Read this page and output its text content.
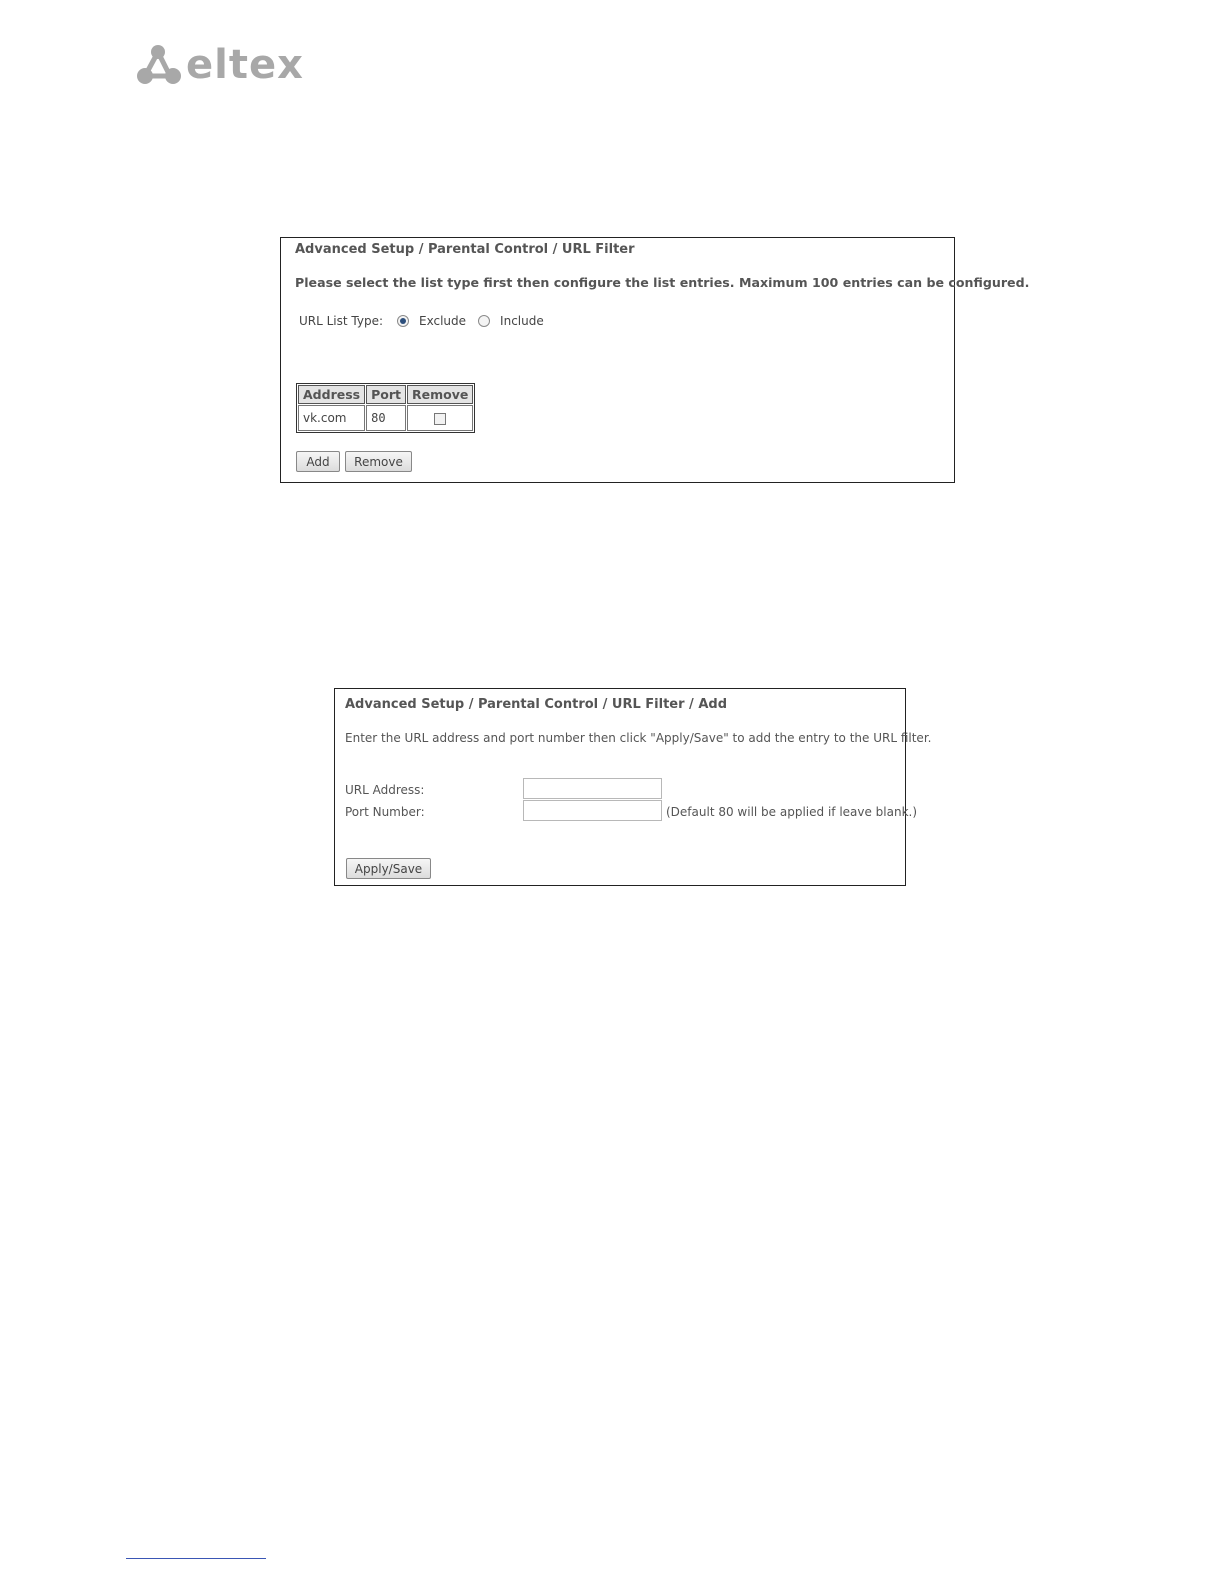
eltex
Advanced Setup / Parental Control / URL Filter
Please select the list type first then configure the list entries. Maximum 100 entries can be configured.
URL List Type:	Exclude	Include
Address	Port	Remove
vk.com	80	
Add	Remove
Advanced Setup / Parental Control / URL Filter / Add
Enter the URL address and port number then click "Apply/Save" to add the entry to the URL filter.
URL Address:
Port Number:	(Default 80 will be applied if leave blank.)
Apply/Save
